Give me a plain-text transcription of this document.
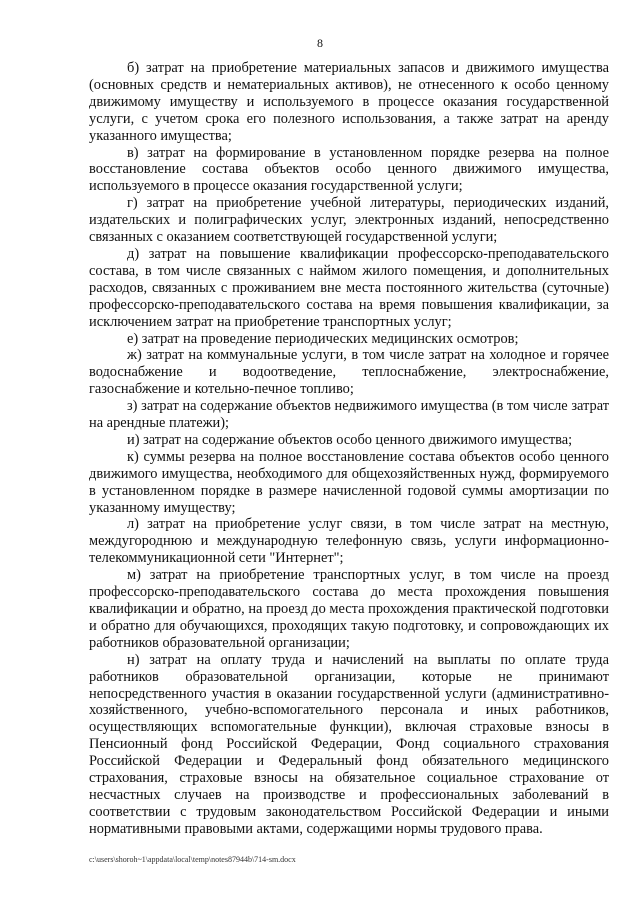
8

б) затрат на приобретение материальных запасов и движимого имущества (основных средств и нематериальных активов), не отнесенного к особо ценному движимому имуществу и используемого в процессе оказания государственной услуги, с учетом срока его полезного использования, а также затрат на аренду указанного имущества;

в) затрат на формирование в установленном порядке резерва на полное восстановление состава объектов особо ценного движимого имущества, используемого в процессе оказания государственной услуги;

г) затрат на приобретение учебной литературы, периодических изданий, издательских и полиграфических услуг, электронных изданий, непосредственно связанных с оказанием соответствующей государственной услуги;

д) затрат на повышение квалификации профессорско-преподавательского состава, в том числе связанных с наймом жилого помещения, и дополнительных расходов, связанных с проживанием вне места постоянного жительства (суточные) профессорско-преподавательского состава на время повышения квалификации, за исключением затрат на приобретение транспортных услуг;

е) затрат на проведение периодических медицинских осмотров;

ж) затрат на коммунальные услуги, в том числе затрат на холодное и горячее водоснабжение и водоотведение, теплоснабжение, электроснабжение, газоснабжение и котельно-печное топливо;

з) затрат на содержание объектов недвижимого имущества (в том числе затрат на арендные платежи);

и) затрат на содержание объектов особо ценного движимого имущества;

к) суммы резерва на полное восстановление состава объектов особо ценного движимого имущества, необходимого для общехозяйственных нужд, формируемого в установленном порядке в размере начисленной годовой суммы амортизации по указанному имуществу;

л) затрат на приобретение услуг связи, в том числе затрат на местную, междугороднюю и международную телефонную связь, услуги информационно-телекоммуникационной сети "Интернет";

м) затрат на приобретение транспортных услуг, в том числе на проезд профессорско-преподавательского состава до места прохождения повышения квалификации и обратно, на проезд до места прохождения практической подготовки и обратно для обучающихся, проходящих такую подготовку, и сопровождающих их работников образовательной организации;

н) затрат на оплату труда и начислений на выплаты по оплате труда работников образовательной организации, которые не принимают непосредственного участия в оказании государственной услуги (административно-хозяйственного, учебно-вспомогательного персонала и иных работников, осуществляющих вспомогательные функции), включая страховые взносы в Пенсионный фонд Российской Федерации, Фонд социального страхования Российской Федерации и Федеральный фонд обязательного медицинского страхования, страховые взносы на обязательное социальное страхование от несчастных случаев на производстве и профессиональных заболеваний в соответствии с трудовым законодательством Российской Федерации и иными нормативными правовыми актами, содержащими нормы трудового права.

c:\users\shoroh~1\appdata\local\temp\notes87944b\714-sm.docx
